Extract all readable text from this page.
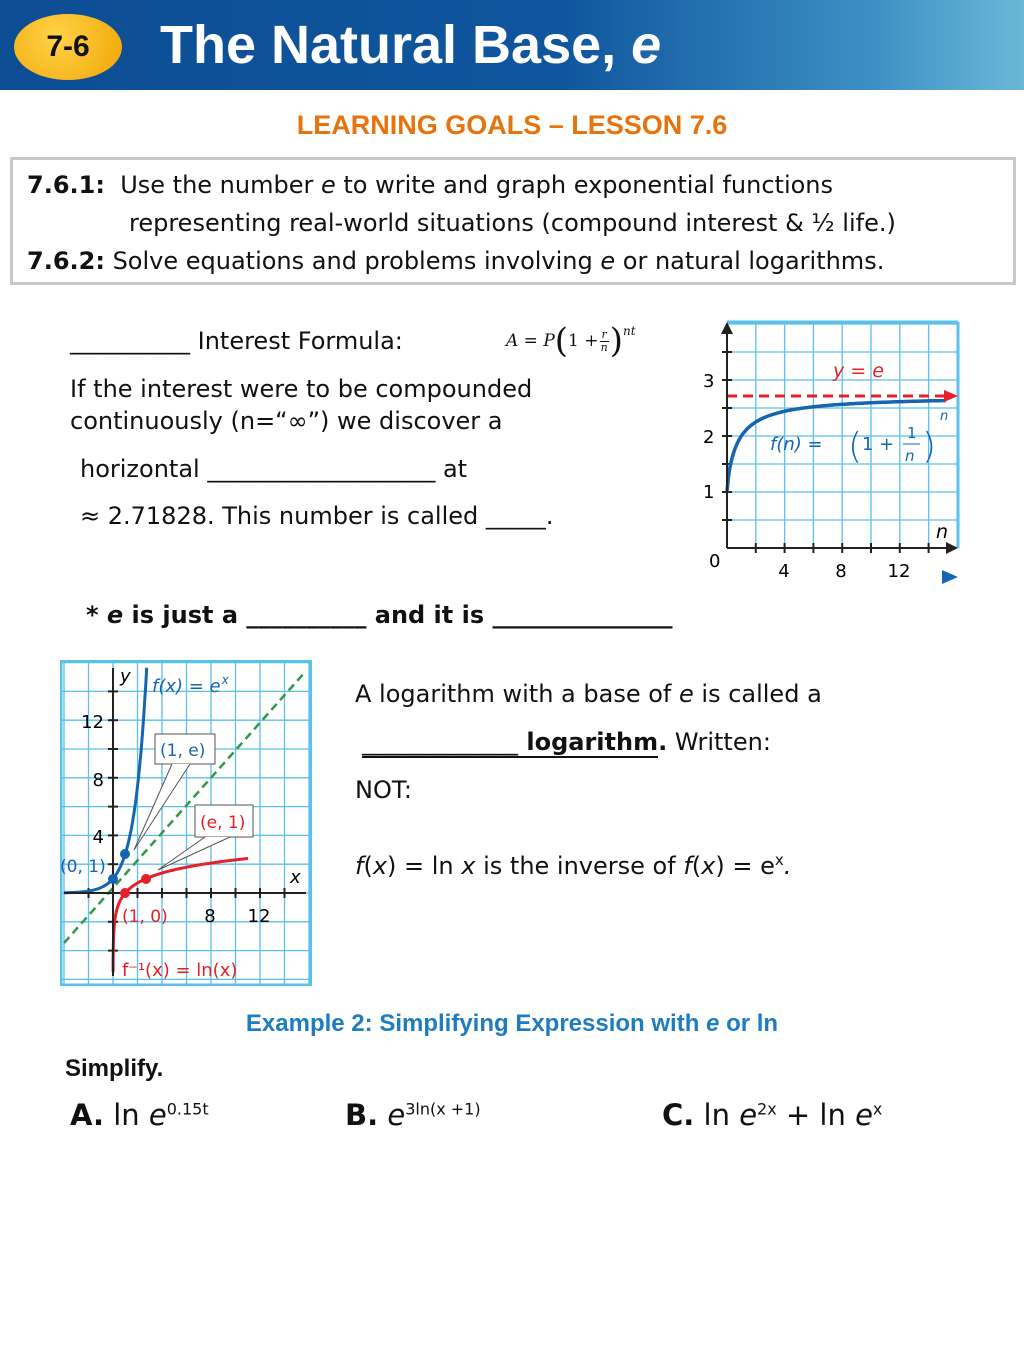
7-6	The Natural Base, e
LEARNING GOALS – LESSON 7.6
7.6.1: Use the number e to write and graph exponential functions
representing real-world situations (compound interest & ½ life.)
7.6.2: Solve equations and problems involving e or natural logarithms.
__________ Interest Formula:	A = P ( $1 + \frac{r}{n}$ ) nt
If the interest were to be compounded
continuously (n=“∞”) we discover a
horizontal ___________________ at
≈ 2.71828. This number is called _____.
y = e
f(n) = ( 1 +
1
n )
n
n
0	4	8 12
1
2
3
* e is just a __________ and it is _______________
(1, e)
(e, 1)
(0, 1)
(1, 0)
$f(x) = e^x$
f⁻¹(x) = ln(x)
x
y
8 12
4
8
12
A logarithm with a base of e is called a
_____________ logarithm. Written:
NOT:
f(x) = ln x is the inverse of $f(x) = e^x$.
Example 2: Simplifying Expression with e or ln
Simplify.
A. $\ln e^{0.15t}$	B. $e^{3ln(x +1)}$	C. $\ln e^{2x} + \ln e^x$
